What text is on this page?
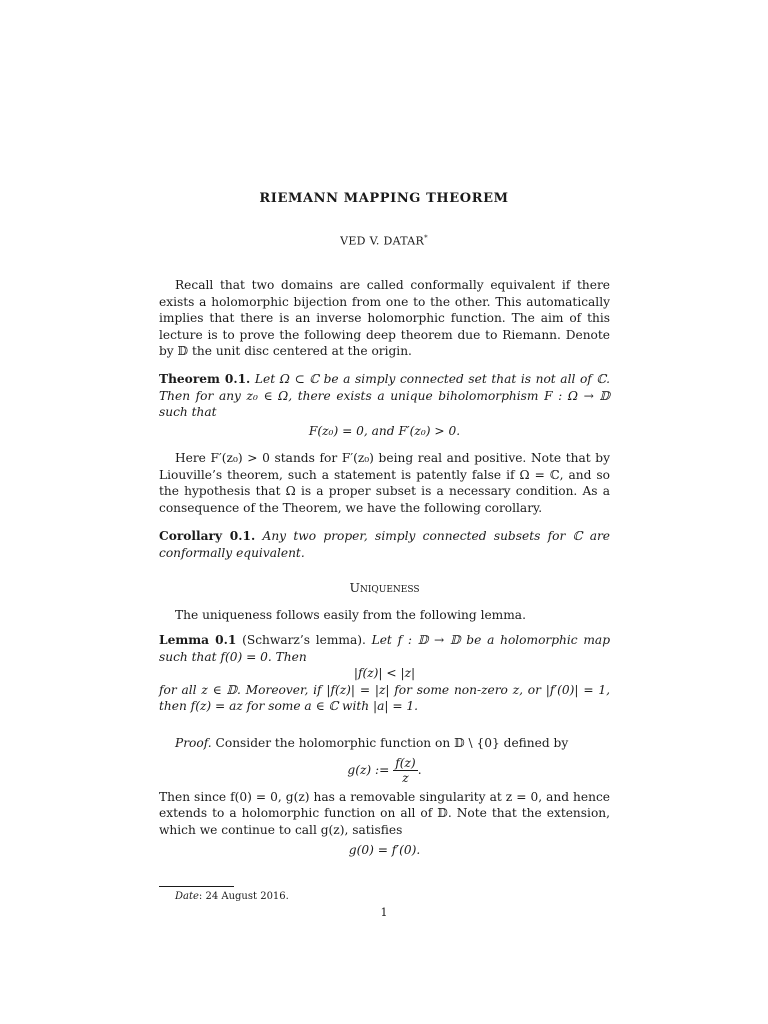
RIEMANN MAPPING THEOREM
VED V. DATAR*

Recall that two domains are called conformally equivalent if there exists a holomorphic bijection from one to the other. This automatically implies that there is an inverse holomorphic function. The aim of this lecture is to prove the following deep theorem due to Riemann. Denote by 𝔻 the unit disc centered at the origin.

Theorem 0.1. Let Ω ⊂ ℂ be a simply connected set that is not all of ℂ. Then for any z₀ ∈ Ω, there exists a unique biholomorphism F : Ω → 𝔻 such that

F(z₀) = 0, and F′(z₀) > 0.

Here F′(z₀) > 0 stands for F′(z₀) being real and positive. Note that by Liouville’s theorem, such a statement is patently false if Ω = ℂ, and so the hypothesis that Ω is a proper subset is a necessary condition. As a consequence of the Theorem, we have the following corollary.

Corollary 0.1. Any two proper, simply connected subsets for ℂ are conformally equivalent.

Uniqueness

The uniqueness follows easily from the following lemma.

Lemma 0.1 (Schwarz’s lemma). Let f : 𝔻 → 𝔻 be a holomorphic map such that f(0) = 0. Then

|f(z)| < |z|

for all z ∈ 𝔻. Moreover, if |f(z)| = |z| for some non-zero z, or |f′(0)| = 1, then f(z) = az for some a ∈ ℂ with |a| = 1.

Proof. Consider the holomorphic function on 𝔻 \ {0} defined by

g(z) := $\frac{f(z)}{z}$ .

Then since f(0) = 0, g(z) has a removable singularity at z = 0, and hence extends to a holomorphic function on all of 𝔻. Note that the extension, which we continue to call g(z), satisfies

g(0) = f′(0).

Date: 24 August 2016.
1
